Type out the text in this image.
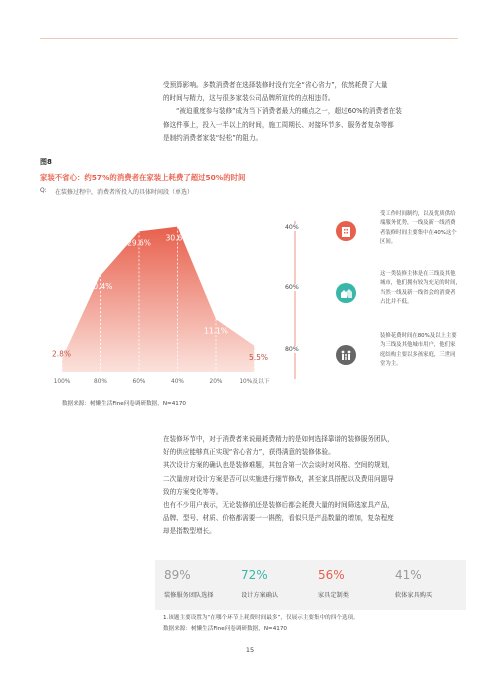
受预算影响。多数消费者在选择装修时没有完全“省心省力”，依然耗费了大量

的时间与精力，这与很多家装公司品牌所宣传的点相违背。

“被迫重度参与装修”成为当下消费者最大的痛点之一，超过60%的消费者在装

修这件事上，投入一半以上的时间，施工周期长、对接环节多、服务者复杂等都

是制约消费者家装“轻松”的阻力。

图8
家装不省心：约57%的消费者在家装上耗费了超过50%的时间
Q: 在装修过程中，消费者所投入的具体时间段（单选）
2.8%
100%
20.4%
80%
29.6%
60%
30.6%
40%
11.1%
20%
5.5%
10%及以下
数据来源：树懒生活Fine问卷调研数据，N=4170
40%
受工作时间制约，以及优质供给
端服务优势，一线及新一线消费
者装修时间主要集中在40%这个
区间。
60%
这一类装修主体是在三线及其他
城市，他们拥有较为充足的时间，
当然一线及新一线省会的消费者
占比并不低。
80%
装修花费时间在80%及以上主要
为三线及其他城市用户，他们家
庭结构主要以多孩家庭，三世同
堂为主。

在装修环节中，对于消费者来说最耗费精力的是如何选择靠谱的装修服务团队，

好的供应能够真正实现“省心省力”，获得满意的装修体验。

其次设计方案的确认也是装修难题，其包含第一次会谈时对风格、空间的规划，

二次量房对设计方案是否可以实施进行细节修改，甚至家具搭配以及费用问题导

致的方案变化等等。

也有不少用户表示，无论装修前还是装修后都会耗费大量的时间筛选家具产品，

品牌、型号、材质、价格都需要一一斟酌，看似只是产品数量的增加，复杂程度

却是指数型增长。

89%
装修服务团队选择
72%
设计方案确认
56%
家具定制类
41%
软体家具购买
1.该题主要设置为“在哪个环节上耗费时间最多”，仅展示主要集中的四个选项。
数据来源：树懒生活Fine问卷调研数据，N=4170
15
